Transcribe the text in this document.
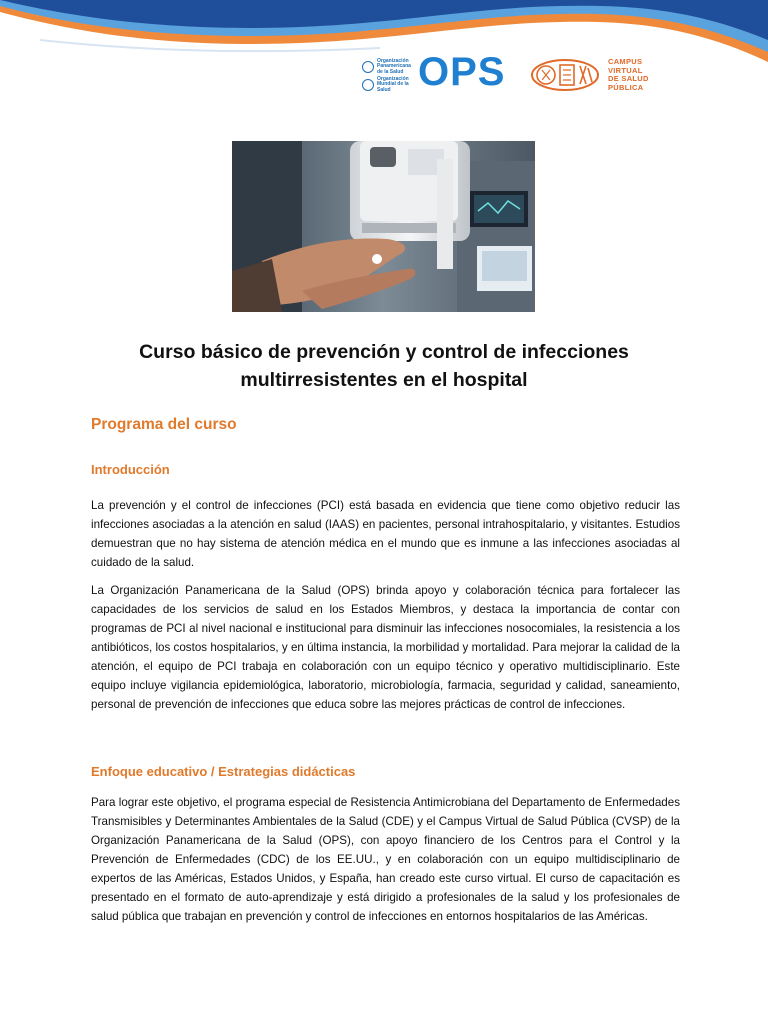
Organización Panamericana de la Salud
Organización Mundial de la Salud OPS	CAMPUS
VIRTUAL
DE SALUD
PÚBLICA
Curso básico de prevención y control de infecciones
multirresistentes en el hospital
Programa del curso
Introducción

La prevención y el control de infecciones (PCI) está basada en evidencia que tiene como objetivo reducir las infecciones asociadas a la atención en salud (IAAS) en pacientes, personal intrahospitalario, y visitantes. Estudios demuestran que no hay sistema de atención médica en el mundo que es inmune a las infecciones asociadas al cuidado de la salud.

La Organización Panamericana de la Salud (OPS) brinda apoyo y colaboración técnica para fortalecer las capacidades de los servicios de salud en los Estados Miembros, y destaca la importancia de contar con programas de PCI al nivel nacional e institucional para disminuir las infecciones nosocomiales, la resistencia a los antibióticos, los costos hospitalarios, y en última instancia, la morbilidad y mortalidad. Para mejorar la calidad de la atención, el equipo de PCI trabaja en colaboración con un equipo técnico y operativo multidisciplinario. Este equipo incluye vigilancia epidemiológica, laboratorio, microbiología, farmacia, seguridad y calidad, saneamiento, personal de prevención de infecciones que educa sobre las mejores prácticas de control de infecciones.

Enfoque educativo / Estrategias didácticas

Para lograr este objetivo, el programa especial de Resistencia Antimicrobiana del Departamento de Enfermedades Transmisibles y Determinantes Ambientales de la Salud (CDE) y el Campus Virtual de Salud Pública (CVSP) de la Organización Panamericana de la Salud (OPS), con apoyo financiero de los Centros para el Control y la Prevención de Enfermedades (CDC) de los EE.UU., y en colaboración con un equipo multidisciplinario de expertos de las Américas, Estados Unidos, y España, han creado este curso virtual. El curso de capacitación es presentado en el formato de auto-aprendizaje y está dirigido a profesionales de la salud y los profesionales de salud pública que trabajan en prevención y control de infecciones en entornos hospitalarios de las Américas.
